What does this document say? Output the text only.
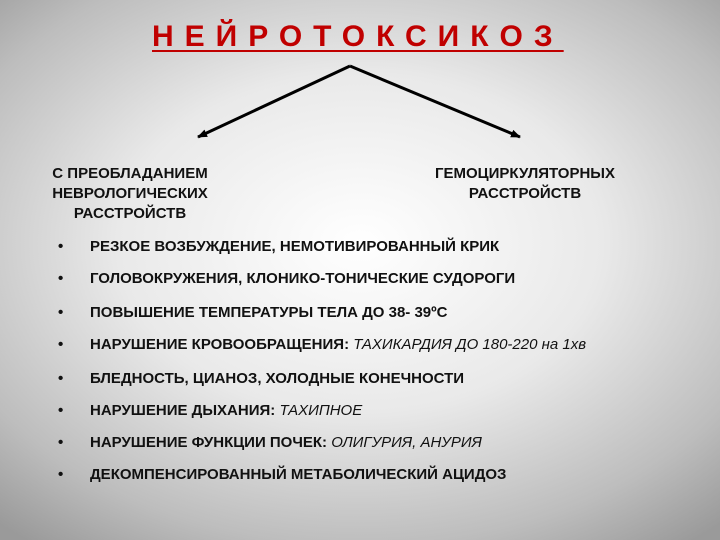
НЕЙРОТОКСИКОЗ
С ПРЕОБЛАДАНИЕМ
НЕВРОЛОГИЧЕСКИХ
РАССТРОЙСТВ
ГЕМОЦИРКУЛЯТОРНЫХ
РАССТРОЙСТВ
• РЕЗКОЕ ВОЗБУЖДЕНИЕ, НЕМОТИВИРОВАННЫЙ КРИК
• ГОЛОВОКРУЖЕНИЯ, КЛОНИКО-ТОНИЧЕСКИЕ СУДОРОГИ
• ПОВЫШЕНИЕ ТЕМПЕРАТУРЫ ТЕЛА ДО 38- 39ºС
• НАРУШЕНИЕ КРОВООБРАЩЕНИЯ: ТАХИКАРДИЯ ДО 180-220 на 1хв
• БЛЕДНОСТЬ, ЦИАНОЗ, ХОЛОДНЫЕ КОНЕЧНОСТИ
• НАРУШЕНИЕ ДЫХАНИЯ: ТАХИПНОЕ
• НАРУШЕНИЕ ФУНКЦИИ ПОЧЕК: ОЛИГУРИЯ, АНУРИЯ
• ДЕКОМПЕНСИРОВАННЫЙ МЕТАБОЛИЧЕСКИЙ АЦИДОЗ
